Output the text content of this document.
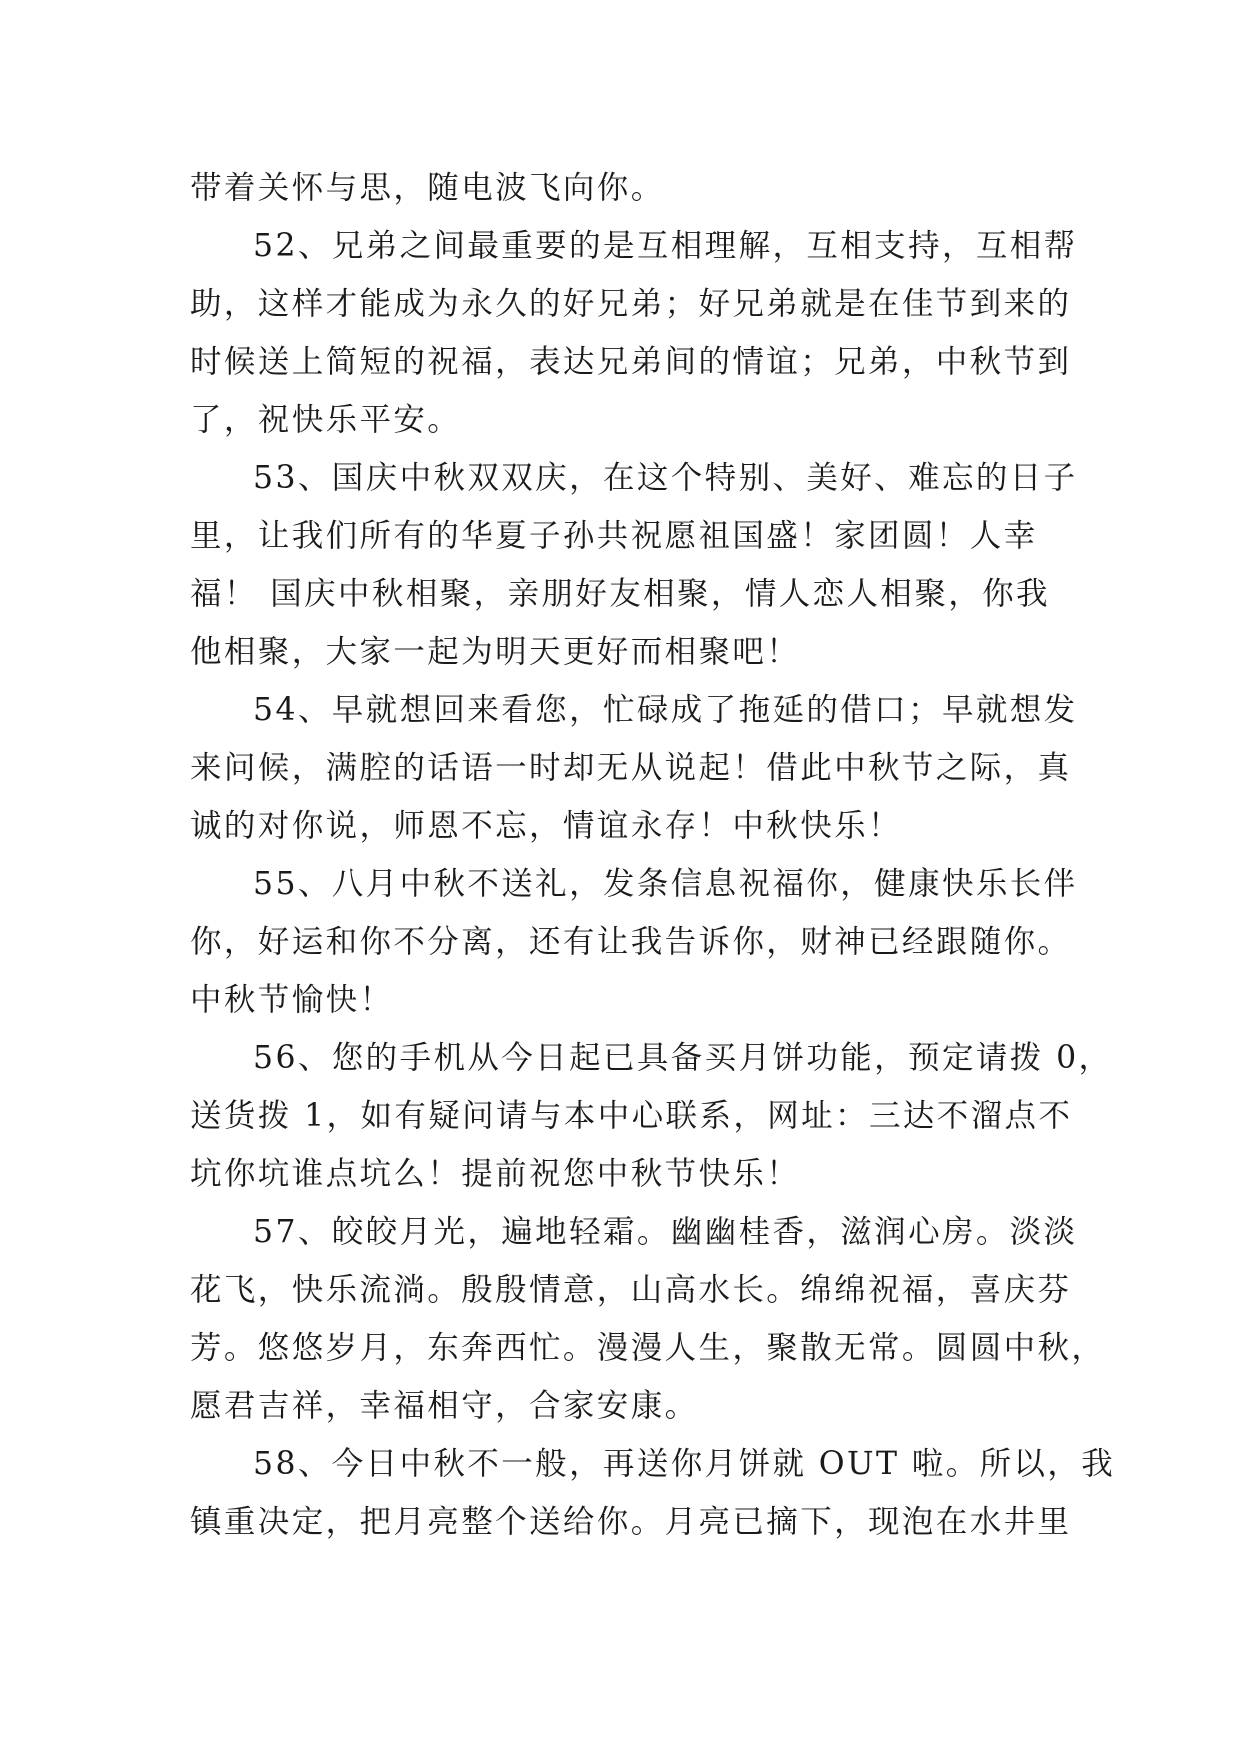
带着关怀与思，随电波飞向你。
52、兄弟之间最重要的是互相理解，互相支持，互相帮
助，这样才能成为永久的好兄弟；好兄弟就是在佳节到来的
时候送上简短的祝福，表达兄弟间的情谊；兄弟，中秋节到
了，祝快乐平安。
53、国庆中秋双双庆，在这个特别、美好、难忘的日子
里，让我们所有的华夏子孙共祝愿祖国盛！家团圆！人幸
福！ 国庆中秋相聚，亲朋好友相聚，情人恋人相聚，你我
他相聚，大家一起为明天更好而相聚吧！
54、早就想回来看您，忙碌成了拖延的借口；早就想发
来问候，满腔的话语一时却无从说起！借此中秋节之际，真
诚的对你说，师恩不忘，情谊永存！中秋快乐！
55、八月中秋不送礼，发条信息祝福你，健康快乐长伴
你，好运和你不分离，还有让我告诉你，财神已经跟随你。
中秋节愉快！
56、您的手机从今日起已具备买月饼功能，预定请拨 0，
送货拨 1，如有疑问请与本中心联系，网址：三达不溜点不
坑你坑谁点坑么！提前祝您中秋节快乐！
57、皎皎月光，遍地轻霜。幽幽桂香，滋润心房。淡淡
花飞，快乐流淌。殷殷情意，山高水长。绵绵祝福，喜庆芬
芳。悠悠岁月，东奔西忙。漫漫人生，聚散无常。圆圆中秋，
愿君吉祥，幸福相守，合家安康。
58、今日中秋不一般，再送你月饼就 OUT 啦。所以，我
镇重决定，把月亮整个送给你。月亮已摘下，现泡在水井里
